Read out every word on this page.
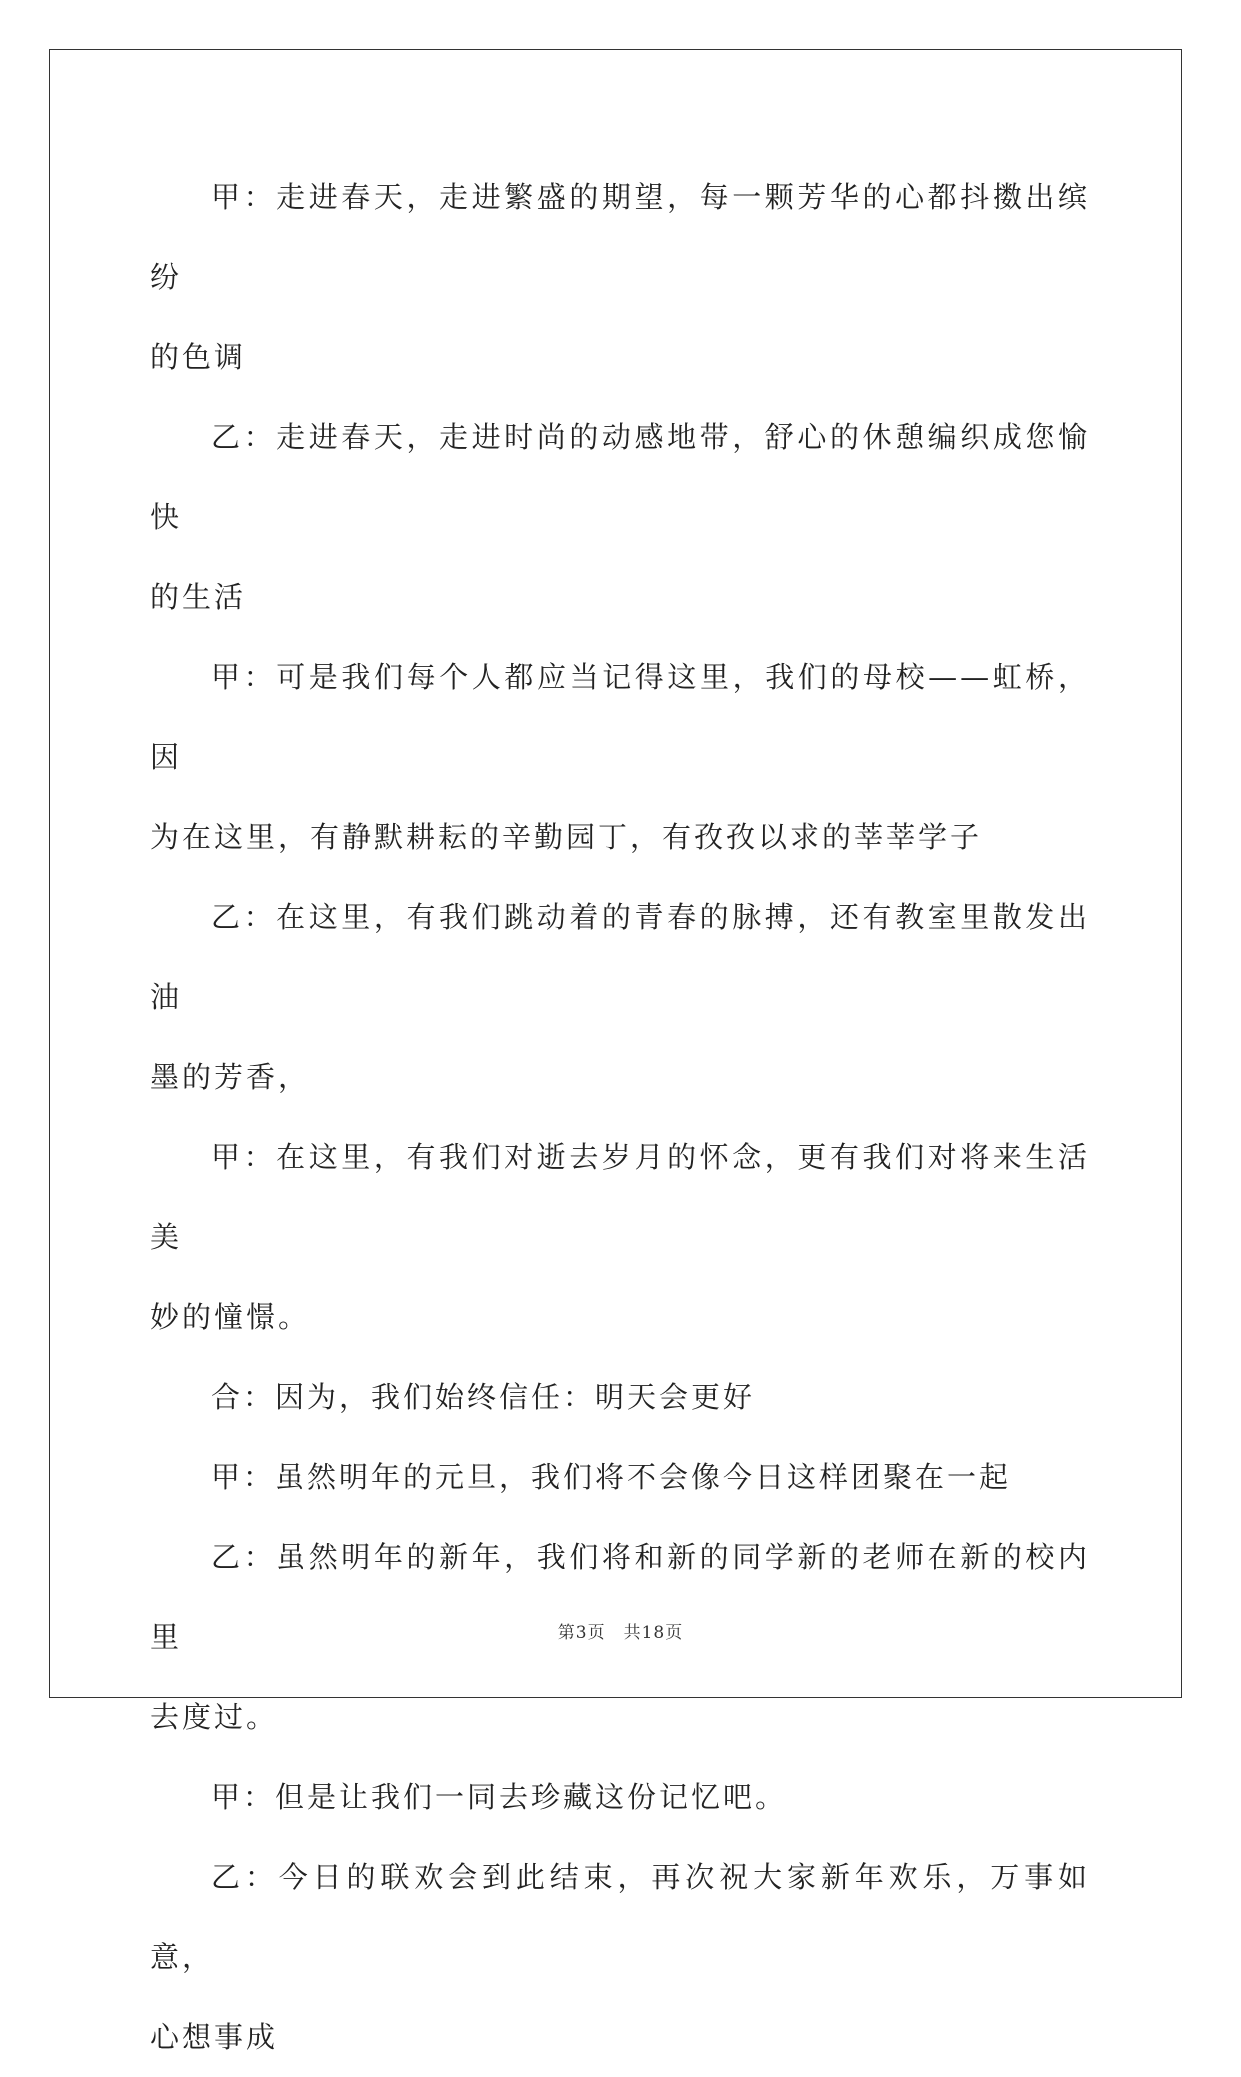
甲：走进春天，走进繁盛的期望，每一颗芳华的心都抖擞出缤纷
的色调

乙：走进春天，走进时尚的动感地带，舒心的休憩编织成您愉快
的生活

甲：可是我们每个人都应当记得这里，我们的母校——虹桥，因
为在这里，有静默耕耘的辛勤园丁，有孜孜以求的莘莘学子

乙：在这里，有我们跳动着的青春的脉搏，还有教室里散发出油
墨的芳香，

甲：在这里，有我们对逝去岁月的怀念，更有我们对将来生活美
妙的憧憬。

合：因为，我们始终信任：明天会更好

甲：虽然明年的元旦，我们将不会像今日这样团聚在一起

乙：虽然明年的新年，我们将和新的同学新的老师在新的校内里
去度过。

甲：但是让我们一同去珍藏这份记忆吧。

乙：今日的联欢会到此结束，再次祝大家新年欢乐，万事如意，
心想事成

第3页 共18页
